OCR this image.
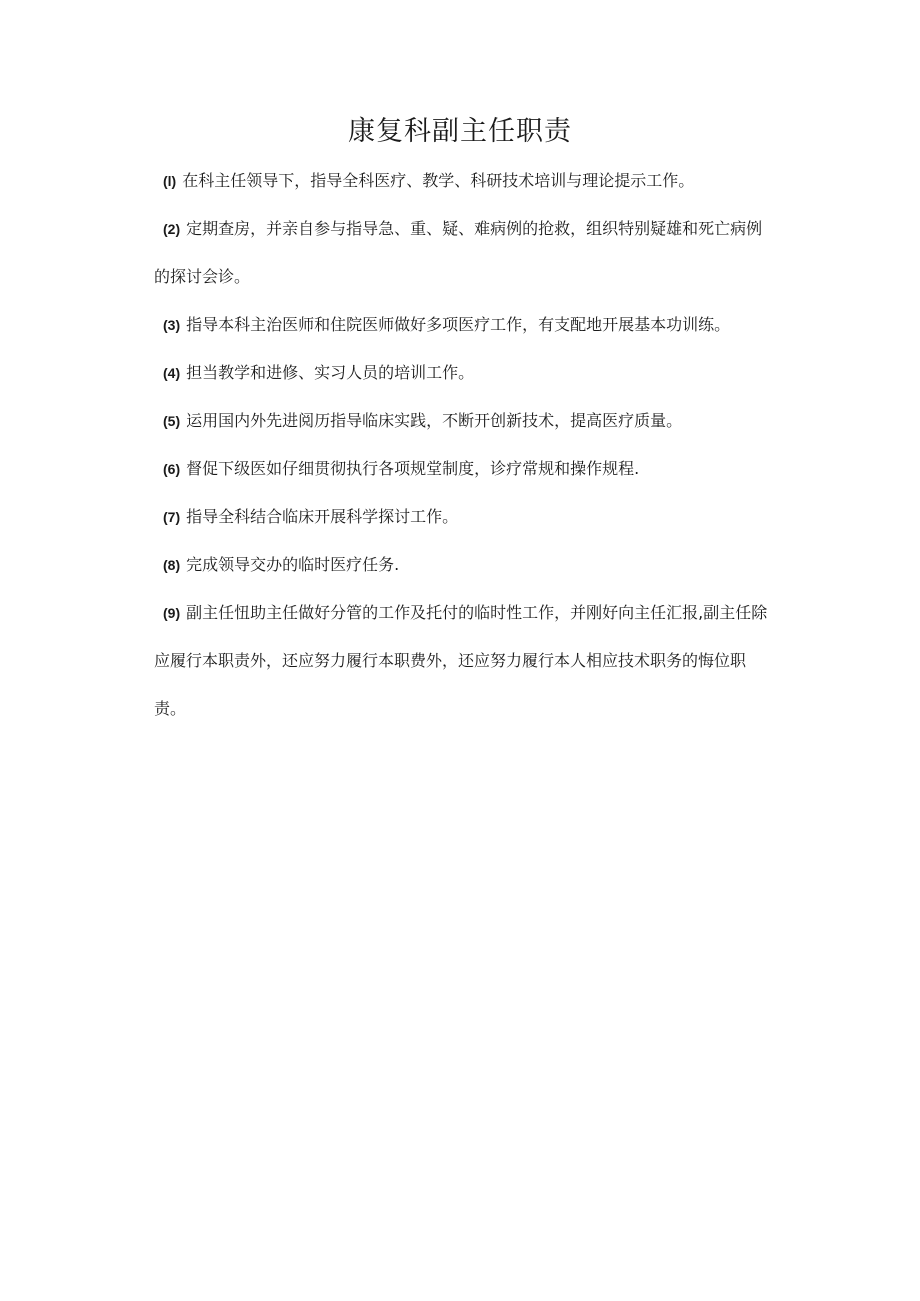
康复科副主任职责

(l) 在科主任领导下，指导全科医疗、教学、科研技术培训与理论提示工作。

(2) 定期查房，并亲自参与指导急、重、疑、难病例的抢救，组织特别疑雄和死亡病例的探讨会诊。

(3) 指导本科主治医师和住院医师做好多项医疗工作，有支配地开展基本功训练。

(4) 担当教学和进修、实习人员的培训工作。

(5) 运用国内外先进阅历指导临床实践，不断开创新技术，提高医疗质量。

(6) 督促下级医如仔细贯彻执行各项规堂制度，诊疗常规和操作规程.

(7) 指导全科结合临床开展科学探讨工作。

(8) 完成领导交办的临时医疗任务.

(9) 副主任忸助主任做好分管的工作及托付的临时性工作，并刚好向主任汇报,副主任除应履行本职责外，还应努力履行本职费外，还应努力履行本人相应技术职务的悔位职责。
